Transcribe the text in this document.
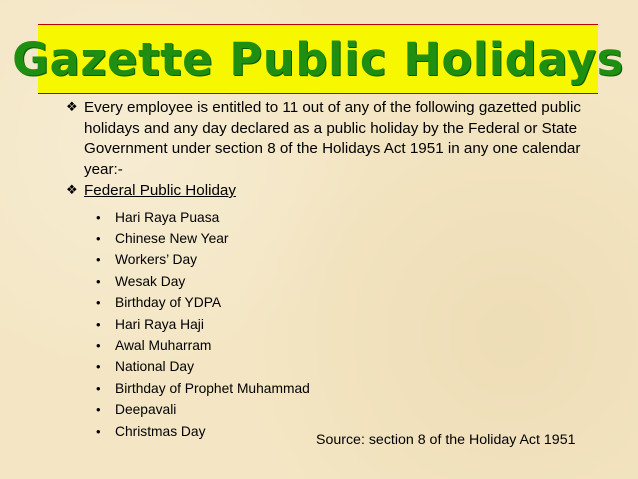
Gazette Public Holidays
❖ Every employee is entitled to 11 out of any of the following gazetted public holidays and any day declared as a public holiday by the Federal or State Government under section 8 of the Holidays Act 1951 in any one calendar year:-

❖ Federal Public Holiday
• Hari Raya Puasa
• Chinese New Year
• Workers’ Day
• Wesak Day
• Birthday of YDPA
• Hari Raya Haji
• Awal Muharram
• National Day
• Birthday of Prophet Muhammad
• Deepavali
• Christmas Day
Source: section 8 of the Holiday Act 1951
